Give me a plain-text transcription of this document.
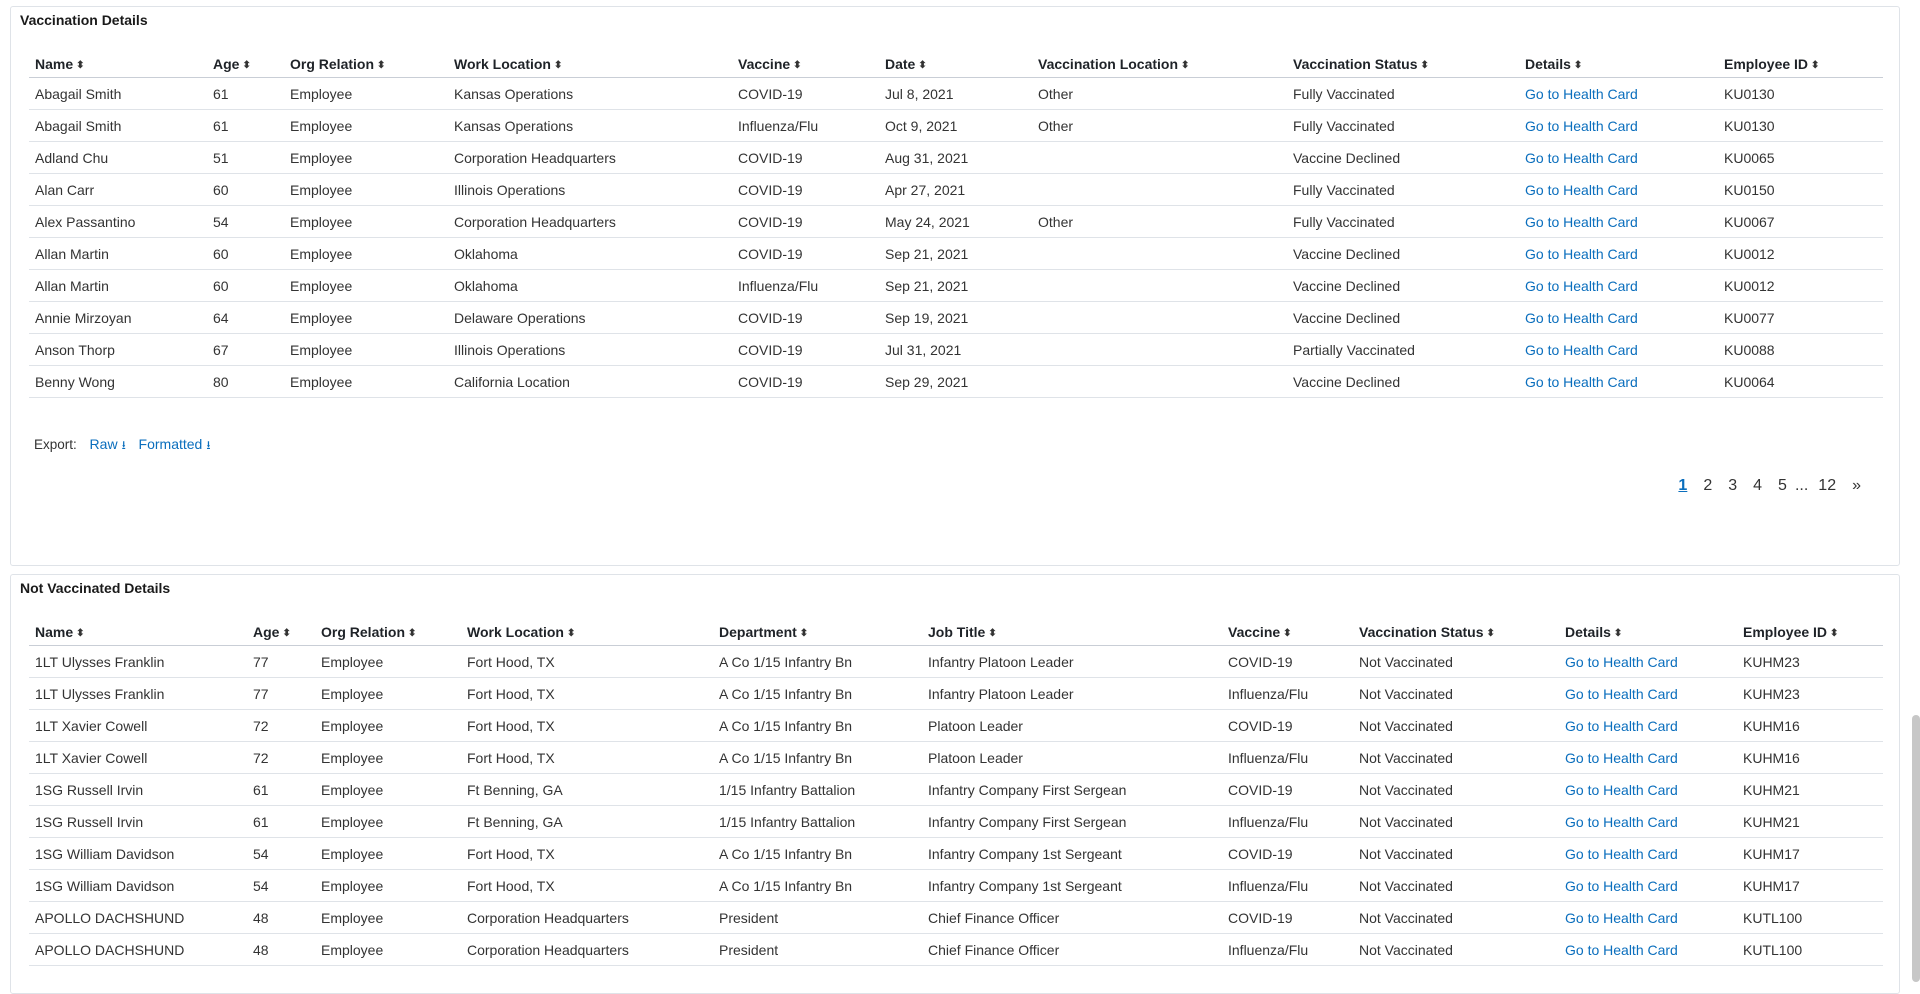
Vaccination Details
Name ⬍	Age ⬍	Org Relation ⬍	Work Location ⬍	Vaccine ⬍	Date ⬍	Vaccination Location ⬍	Vaccination Status ⬍	Details ⬍	Employee ID ⬍
Abagail Smith	61	Employee	Kansas Operations	COVID-19	Jul 8, 2021	Other	Fully Vaccinated	Go to Health Card	KU0130
Abagail Smith	61	Employee	Kansas Operations	Influenza/Flu	Oct 9, 2021	Other	Fully Vaccinated	Go to Health Card	KU0130
Adland Chu	51	Employee	Corporation Headquarters	COVID-19	Aug 31, 2021		Vaccine Declined	Go to Health Card	KU0065
Alan Carr	60	Employee	Illinois Operations	COVID-19	Apr 27, 2021		Fully Vaccinated	Go to Health Card	KU0150
Alex Passantino	54	Employee	Corporation Headquarters	COVID-19	May 24, 2021	Other	Fully Vaccinated	Go to Health Card	KU0067
Allan Martin	60	Employee	Oklahoma	COVID-19	Sep 21, 2021		Vaccine Declined	Go to Health Card	KU0012
Allan Martin	60	Employee	Oklahoma	Influenza/Flu	Sep 21, 2021		Vaccine Declined	Go to Health Card	KU0012
Annie Mirzoyan	64	Employee	Delaware Operations	COVID-19	Sep 19, 2021		Vaccine Declined	Go to Health Card	KU0077
Anson Thorp	67	Employee	Illinois Operations	COVID-19	Jul 31, 2021		Partially Vaccinated	Go to Health Card	KU0088
Benny Wong	80	Employee	California Location	COVID-19	Sep 29, 2021		Vaccine Declined	Go to Health Card	KU0064
Export: Raw ⭳ Formatted ⭳
1	2	3	4	5 ... 12	»
Not Vaccinated Details
Name ⬍	Age ⬍	Org Relation ⬍	Work Location ⬍	Department ⬍	Job Title ⬍	Vaccine ⬍	Vaccination Status ⬍	Details ⬍	Employee ID ⬍
1LT Ulysses Franklin	77	Employee	Fort Hood, TX	A Co 1/15 Infantry Bn	Infantry Platoon Leader	COVID-19	Not Vaccinated	Go to Health Card	KUHM23
1LT Ulysses Franklin	77	Employee	Fort Hood, TX	A Co 1/15 Infantry Bn	Infantry Platoon Leader	Influenza/Flu	Not Vaccinated	Go to Health Card	KUHM23
1LT Xavier Cowell	72	Employee	Fort Hood, TX	A Co 1/15 Infantry Bn	Platoon Leader	COVID-19	Not Vaccinated	Go to Health Card	KUHM16
1LT Xavier Cowell	72	Employee	Fort Hood, TX	A Co 1/15 Infantry Bn	Platoon Leader	Influenza/Flu	Not Vaccinated	Go to Health Card	KUHM16
1SG Russell Irvin	61	Employee	Ft Benning, GA	1/15 Infantry Battalion	Infantry Company First Sergean	COVID-19	Not Vaccinated	Go to Health Card	KUHM21
1SG Russell Irvin	61	Employee	Ft Benning, GA	1/15 Infantry Battalion	Infantry Company First Sergean	Influenza/Flu	Not Vaccinated	Go to Health Card	KUHM21
1SG William Davidson	54	Employee	Fort Hood, TX	A Co 1/15 Infantry Bn	Infantry Company 1st Sergeant	COVID-19	Not Vaccinated	Go to Health Card	KUHM17
1SG William Davidson	54	Employee	Fort Hood, TX	A Co 1/15 Infantry Bn	Infantry Company 1st Sergeant	Influenza/Flu	Not Vaccinated	Go to Health Card	KUHM17
APOLLO DACHSHUND	48	Employee	Corporation Headquarters	President	Chief Finance Officer	COVID-19	Not Vaccinated	Go to Health Card	KUTL100
APOLLO DACHSHUND	48	Employee	Corporation Headquarters	President	Chief Finance Officer	Influenza/Flu	Not Vaccinated	Go to Health Card	KUTL100
